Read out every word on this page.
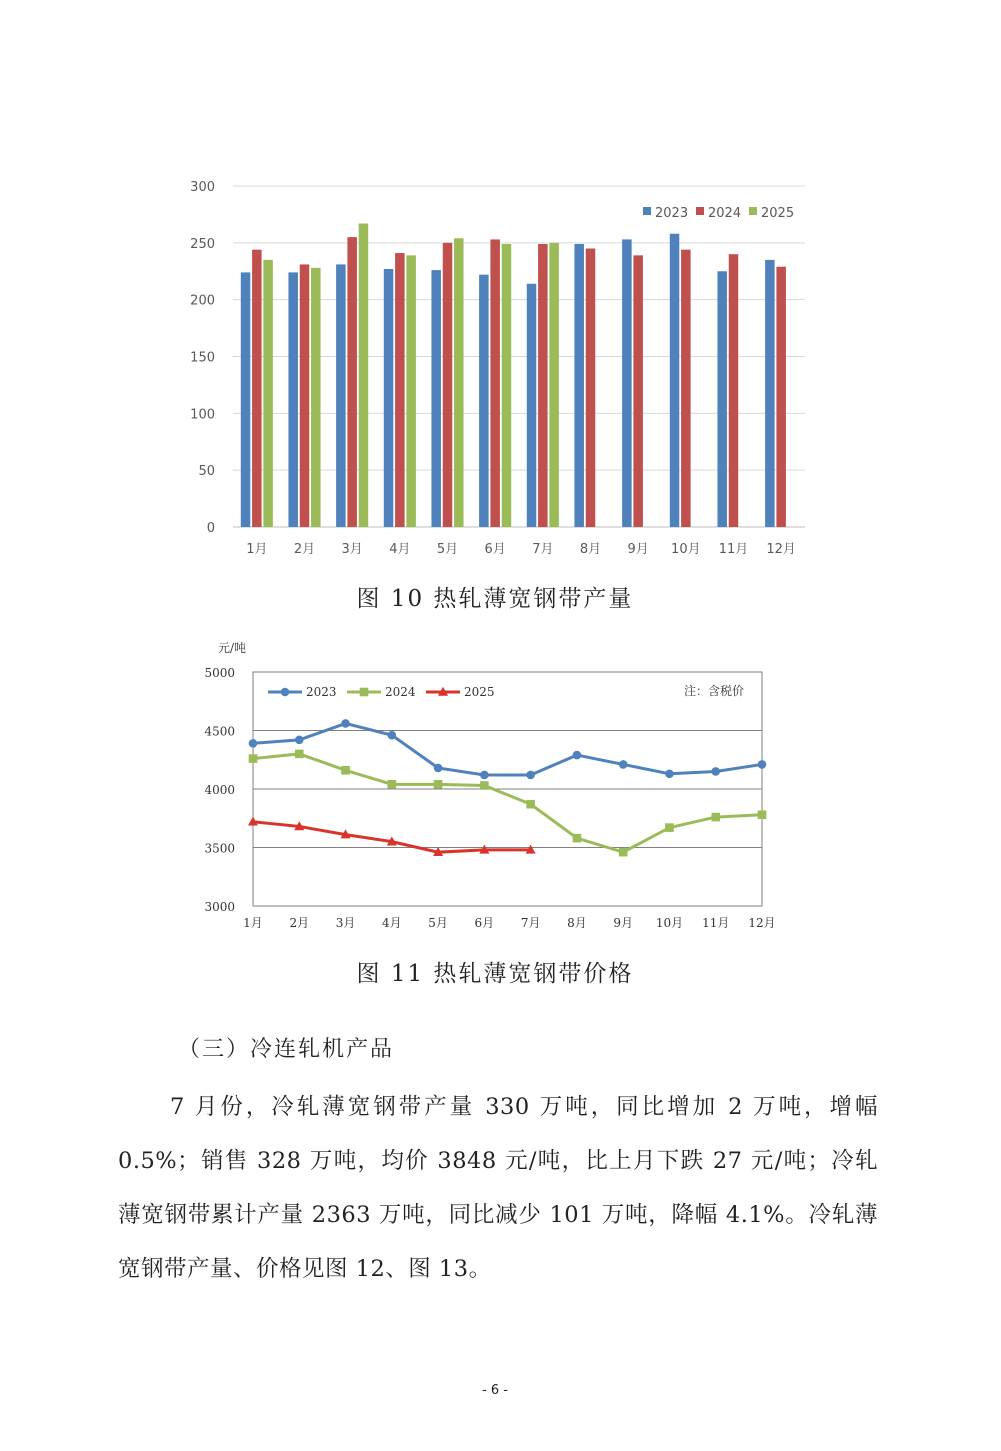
0
50
100
150
200
250
300
1月 2月 3月 4月 5月 6月 7月 8月 9月 10月 11月 12月
2023 2024 2025
图 10 热轧薄宽钢带产量
3000
3500
4000
4500
5000
元/吨
注：含税价
1月 2月 3月 4月 5月 6月 7月 8月 9月 10月 11月 12月
2023	2024	2025
图 11 热轧薄宽钢带价格
（三）冷连轧机产品
7 月份，冷轧薄宽钢带产量 330 万吨，同比增加 2 万吨，增幅 0.5%；销售 328 万吨，均价 3848 元/吨，比上月下跌 27 元/吨；冷轧薄宽钢带累计产量 2363 万吨，同比减少 101 万吨，降幅 4.1%。冷轧薄宽钢带产量、价格见图 12、图 13。
- 6 -
